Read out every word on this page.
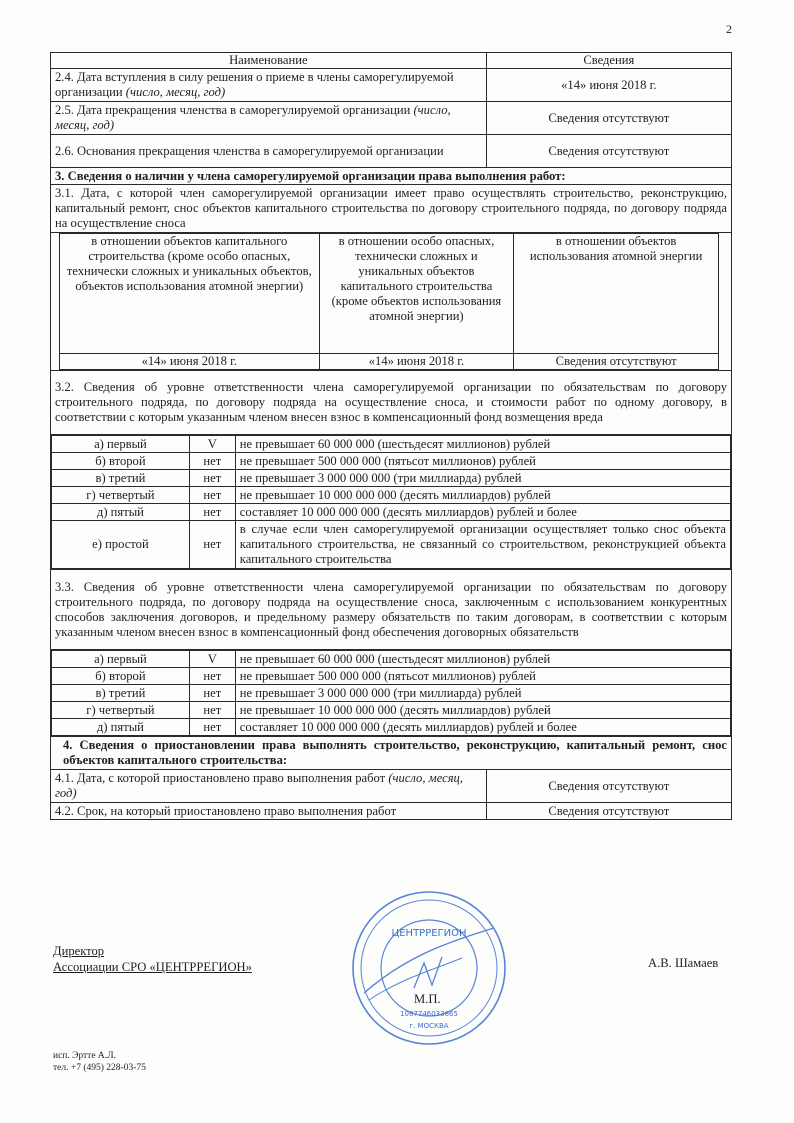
2
Наименование	Сведения
2.4. Дата вступления в силу решения о приеме в члены саморегулируемой организации (число, месяц, год)	«14» июня 2018 г.
2.5. Дата прекращения членства в саморегулируемой организации (число, месяц, год)	Сведения отсутствуют
2.6. Основания прекращения членства в саморегулируемой организации	Сведения отсутствуют
3. Сведения о наличии у члена саморегулируемой организации права выполнения работ:
3.1. Дата, с которой член саморегулируемой организации имеет право осуществлять строительство, реконструкцию, капитальный ремонт, снос объектов капитального строительства по договору строительного подряда, по договору подряда на осуществление сноса

в отношении объектов капитального строительства (кроме особо опасных, технически сложных и уникальных объектов, объектов использования атомной энергии)	в отношении особо опасных, технически сложных и уникальных объектов капитального строительства (кроме объектов использования атомной энергии)	в отношении объектов использования атомной энергии
«14» июня 2018 г.	«14» июня 2018 г.	Сведения отсутствуют

3.2. Сведения об уровне ответственности члена саморегулируемой организации по обязательствам по договору строительного подряда, по договору подряда на осуществление сноса, и стоимости работ по одному договору, в соответствии с которым указанным членом внесен взнос в компенсационный фонд возмещения вреда

а) первый	V	не превышает 60 000 000 (шестьдесят миллионов) рублей
б) второй	нет	не превышает 500 000 000 (пятьсот миллионов) рублей
в) третий	нет	не превышает 3 000 000 000 (три миллиарда) рублей
г) четвертый	нет	не превышает 10 000 000 000 (десять миллиардов) рублей
д) пятый	нет	составляет 10 000 000 000 (десять миллиардов) рублей и более
е) простой	нет	в случае если член саморегулируемой организации осуществляет только снос объекта капитального строительства, не связанный со строительством, реконструкцией объекта капитального строительства

3.3. Сведения об уровне ответственности члена саморегулируемой организации по обязательствам по договору строительного подряда, по договору подряда на осуществление сноса, заключенным с использованием конкурентных способов заключения договоров, и предельному размеру обязательств по таким договорам, в соответствии с которым указанным членом внесен взнос в компенсационный фонд обеспечения договорных обязательств

а) первый	V	не превышает 60 000 000 (шестьдесят миллионов) рублей
б) второй	нет	не превышает 500 000 000 (пятьсот миллионов) рублей
в) третий	нет	не превышает 3 000 000 000 (три миллиарда) рублей
г) четвертый	нет	не превышает 10 000 000 000 (десять миллиардов) рублей
д) пятый	нет	составляет 10 000 000 000 (десять миллиардов) рублей и более

4. Сведения о приостановлении права выполнять строительство, реконструкцию, капитальный ремонт, снос объектов капитального строительства:
4.1. Дата, с которой приостановлено право выполнения работ (число, месяц, год)	Сведения отсутствуют
4.2. Срок, на который приостановлено право выполнения работ	Сведения отсутствуют
ЦЕНТРРЕГИОН
1087746033865
г. МОСКВА
Директор
Ассоциации СРО «ЦЕНТРРЕГИОН»	А.В. Шамаев
М.П.
исп. Эртте А.Л.
тел. +7 (495) 228-03-75
